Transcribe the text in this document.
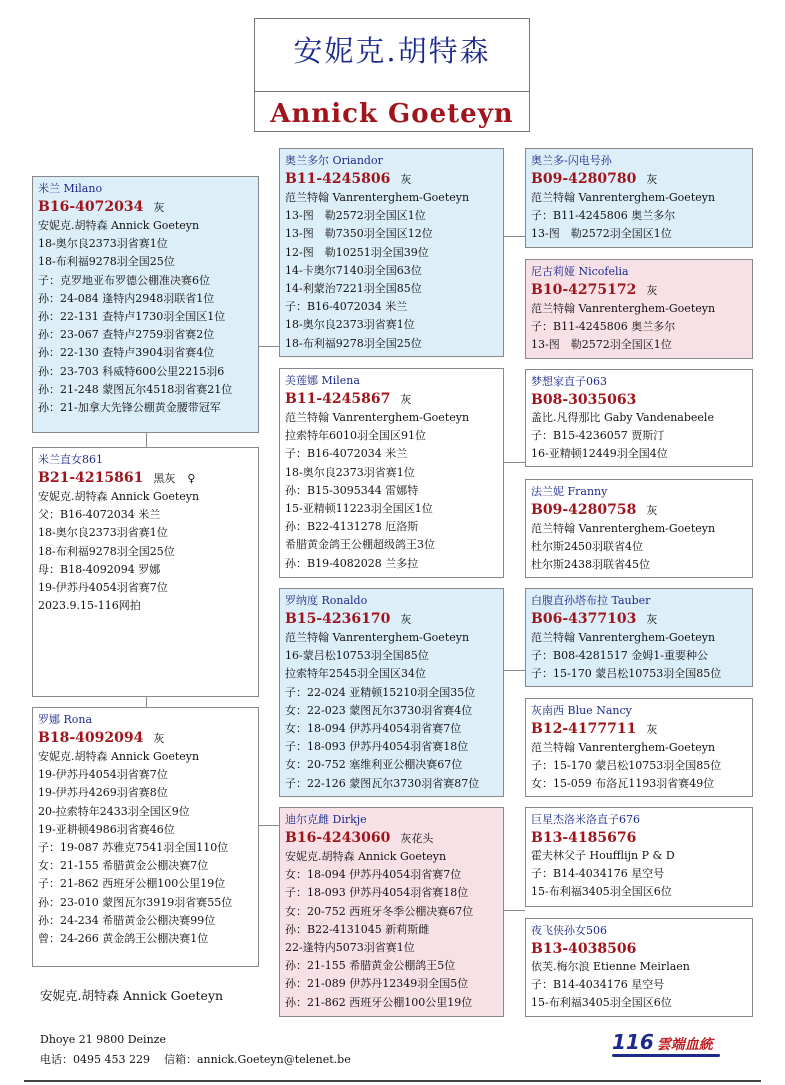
安妮克.胡特森
Annick Goeteyn
米兰 Milano
B16-4072034 灰
安妮克.胡特森 Annick Goeteyn
18-奥尔良2373羽省赛1位
18-布利福9278羽全国25位
子：克罗地亚布罗德公棚准决赛6位
孙：24-084 逢特内2948羽联省1位
孙：22-131 查特卢1730羽全国区1位
孙：23-067 查特卢2759羽省赛2位
孙：22-130 查特卢3904羽省赛4位
孙：23-703 科威特600公里2215羽6
孙：21-248 蒙图瓦尔4518羽省赛21位
孙：21-加拿大先锋公棚黄金腰带冠军
米兰直女861
B21-4215861 黑灰 ♀
安妮克.胡特森 Annick Goeteyn
父：B16-4072034 米兰
18-奥尔良2373羽省赛1位
18-布利福9278羽全国25位
母：B18-4092094 罗娜
19-伊苏丹4054羽省赛7位
2023.9.15-116网拍
罗娜 Rona
B18-4092094 灰
安妮克.胡特森 Annick Goeteyn
19-伊苏丹4054羽省赛7位
19-伊苏丹4269羽省赛8位
20-拉索特年2433羽全国区9位
19-亚耕顿4986羽省赛46位
子：19-087 苏雅克7541羽全国110位
女：21-155 希腊黄金公棚决赛7位
子：21-862 西班牙公棚100公里19位
孙：23-010 蒙图瓦尔3919羽省赛55位
孙：24-234 希腊黄金公棚决赛99位
曾：24-266 黄金鸽王公棚决赛1位
奥兰多尔 Oriandor
B11-4245806 灰
范兰特翰 Vanrenterghem-Goeteyn
13-图　勒2572羽全国区1位
13-图　勒7350羽全国区12位
12-图　勒10251羽全国39位
14-卡奥尔7140羽全国63位
14-利蒙治7221羽全国85位
子：B16-4072034 米兰
18-奥尔良2373羽省赛1位
18-布利福9278羽全国25位
美莲娜 Milena
B11-4245867 灰
范兰特翰 Vanrenterghem-Goeteyn
拉索特年6010羽全国区91位
子：B16-4072034 米兰
18-奥尔良2373羽省赛1位
孙：B15-3095344 雷娜特
15-亚精顿11223羽全国区1位
孙：B22-4131278 厄洛斯
希腊黄金鸽王公棚超级鸽王3位
孙：B19-4082028 兰多拉
罗纳度 Ronaldo
B15-4236170 灰
范兰特翰 Vanrenterghem-Goeteyn
16-蒙吕松10753羽全国85位
拉索特年2545羽全国区34位
子：22-024 亚精顿15210羽全国35位
女：22-023 蒙图瓦尔3730羽省赛4位
女：18-094 伊苏丹4054羽省赛7位
子：18-093 伊苏丹4054羽省赛18位
女：20-752 塞维利亚公棚决赛67位
子：22-126 蒙图瓦尔3730羽省赛87位
迪尔克雌 Dirkje
B16-4243060 灰花头
安妮克.胡特森 Annick Goeteyn
女：18-094 伊苏丹4054羽省赛7位
子：18-093 伊苏丹4054羽省赛18位
女：20-752 西班牙冬季公棚决赛67位
孙：B22-4131045 新莉斯雌
22-逢特内5073羽省赛1位
孙：21-155 希腊黄金公棚鸽王5位
孙：21-089 伊苏丹12349羽全国5位
孙：21-862 西班牙公棚100公里19位
奥兰多-闪电号孙
B09-4280780 灰
范兰特翰 Vanrenterghem-Goeteyn
子：B11-4245806 奥兰多尔
13-图　勒2572羽全国区1位
尼古莉娅 Nicofelia
B10-4275172 灰
范兰特翰 Vanrenterghem-Goeteyn
子：B11-4245806 奥兰多尔
13-图　勒2572羽全国区1位
梦想家直子063
B08-3035063
盖比.凡得那比 Gaby Vandenabeele
子：B15-4236057 贾斯汀
16-亚精顿12449羽全国4位
法兰妮 Franny
B09-4280758 灰
范兰特翰 Vanrenterghem-Goeteyn
杜尔斯2450羽联省4位
杜尔斯2438羽联省45位
白腹直孙塔布拉 Tauber
B06-4377103 灰
范兰特翰 Vanrenterghem-Goeteyn
子：B08-4281517 金姆1-重要种公
子：15-170 蒙吕松10753羽全国85位
灰南西 Blue Nancy
B12-4177711 灰
范兰特翰 Vanrenterghem-Goeteyn
子：15-170 蒙吕松10753羽全国85位
女：15-059 布洛瓦1193羽省赛49位
巨星杰洛米洛直子676
B13-4185676
霍夫林父子 Houfflijn P & D
子：B14-4034176 星空号
15-布利福3405羽全国区6位
夜飞侠孙女506
B13-4038506
依芙.梅尔浪 Etienne Meirlaen
子：B14-4034176 星空号
15-布利福3405羽全国区6位
安妮克.胡特森 Annick Goeteyn
Dhoye 21 9800 Deinze
电话：0495 453 229 信箱：annick.Goeteyn@telenet.be
116 雲端血統
